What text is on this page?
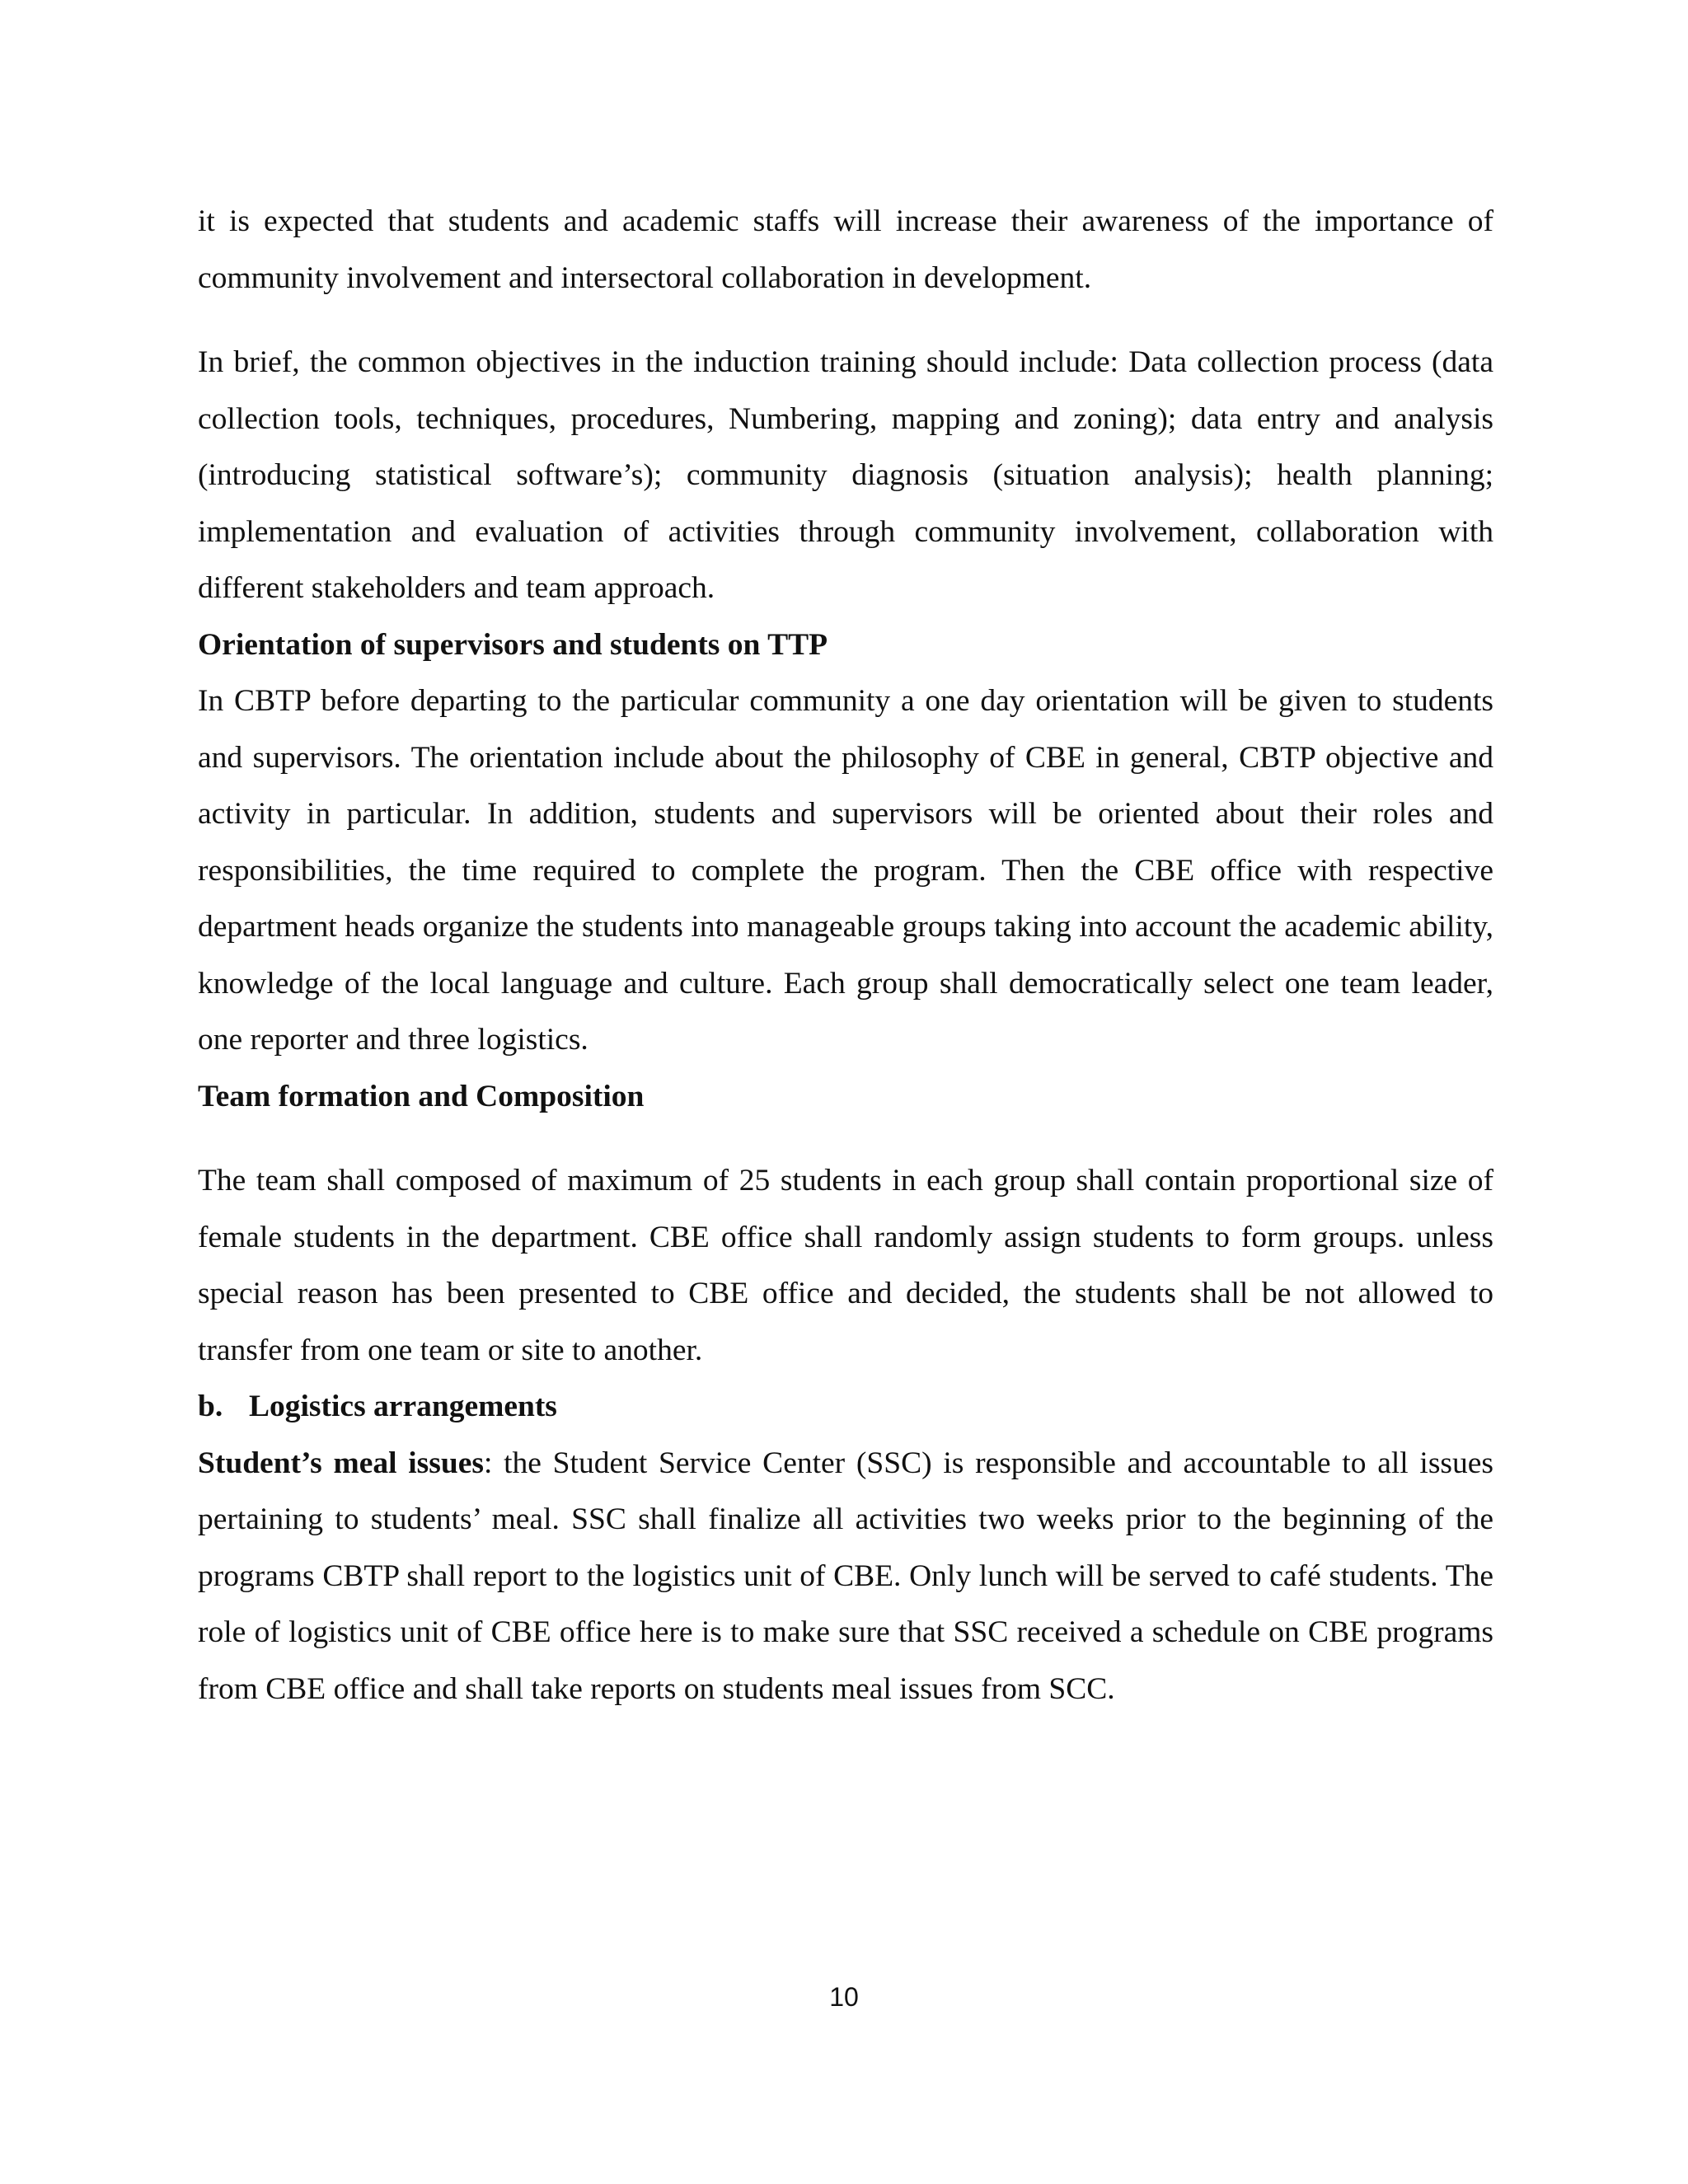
it is expected that students and academic staffs will increase their awareness of the importance of community involvement and intersectoral collaboration in development.

In brief, the common objectives in the induction training should include: Data collection process (data collection tools, techniques, procedures, Numbering, mapping and zoning); data entry and analysis (introducing statistical software’s); community diagnosis (situation analysis); health planning; implementation and evaluation of activities through community involvement, collaboration with different stakeholders and team approach.

Orientation of supervisors and students on TTP

In CBTP before departing to the particular community a one day orientation will be given to students and supervisors. The orientation include about the philosophy of CBE in general, CBTP objective and activity in particular. In addition, students and supervisors will be oriented about their roles and responsibilities, the time required to complete the program. Then the CBE office with respective department heads organize the students into manageable groups taking into account the academic ability, knowledge of the local language and culture. Each group shall democratically select one team leader, one reporter and three logistics.

Team formation and Composition

The team shall composed of maximum of 25 students in each group shall contain proportional size of female students in the department. CBE office shall randomly assign students to form groups. unless special reason has been presented to CBE office and decided, the students shall be not allowed to transfer from one team or site to another.

b. Logistics arrangements

Student’s meal issues: the Student Service Center (SSC) is responsible and accountable to all issues pertaining to students’ meal. SSC shall finalize all activities two weeks prior to the beginning of the programs CBTP shall report to the logistics unit of CBE. Only lunch will be served to café students. The role of logistics unit of CBE office here is to make sure that SSC received a schedule on CBE programs from CBE office and shall take reports on students meal issues from SCC.

10
